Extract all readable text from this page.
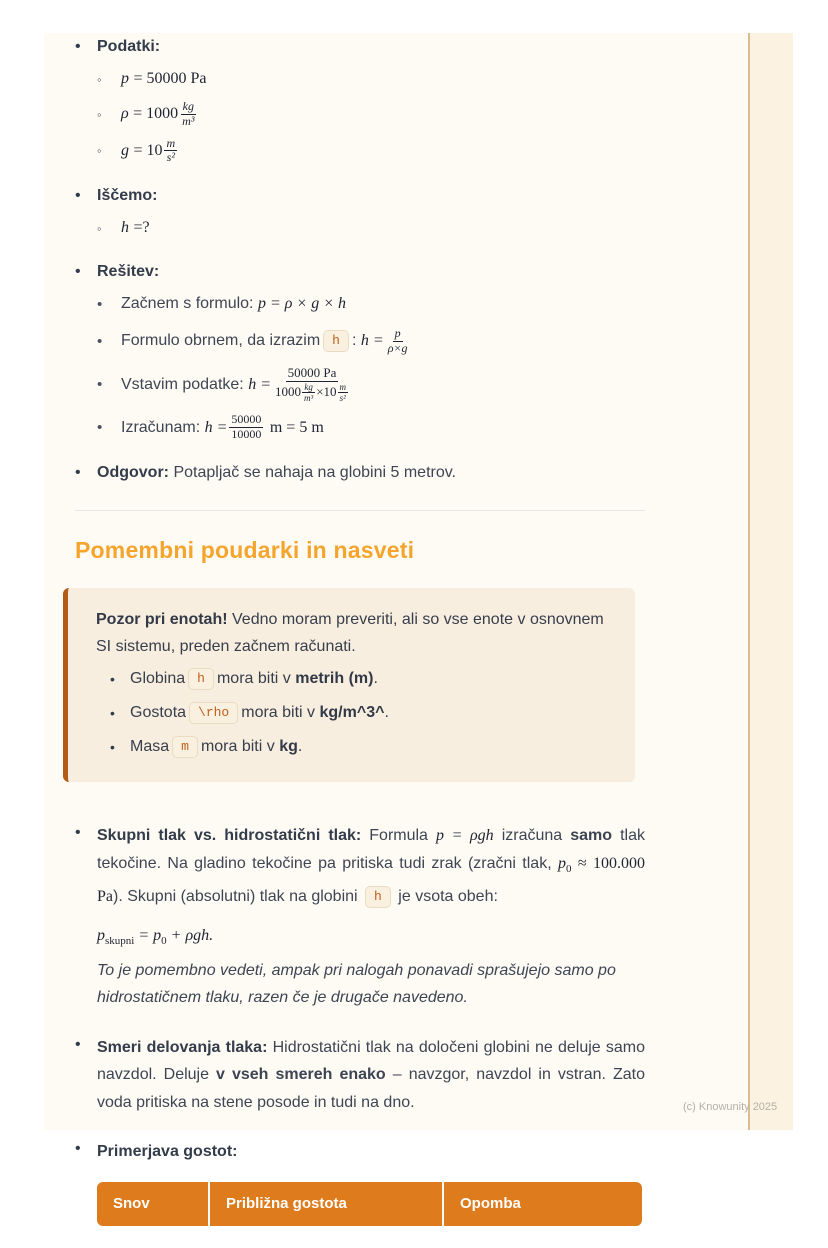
(c) Knowunity 2025
•	Podatki:
◦	p
= 50000 Pa
◦	ρ
= $1000 \frac{kg}{\text{m³}}$
◦	g
= $10 \frac{m}{\text{s²}}$
•	Iščemo:
◦	h
=?
•	Rešitev:
•	Začnem s formulo:
p = ρ × g × h
•	Formulo obrnem, da izrazim h :
$h = \frac{p}{\rho\times g}$
•	Vstavim podatke:
$h = \frac{50000 Pa}{1000 \frac{kg}{\text{m³}} \times 10 \frac{m}{\text{s²}}}$
•	Izračunam:
$h = \frac{50000}{10000}$
m = 5 m
•	Odgovor: Potapljač se nahaja na globini 5 metrov.
Pomembni poudarki in nasveti

Pozor pri enotah! Vedno moram preveriti, ali so vse enote v osnovnem SI sistemu, preden začnem računati.

• Globina h mora biti v
metrih (m) .
• Gostota \rho mora biti v
kg/m^3^ .
• Masa m mora biti v
kg .
•	Skupni tlak vs. hidrostatični tlak: Formula p = ρgh izračuna samo tlak tekočine. Na gladino tekočine pa pritiska tudi zrak (zračni tlak, $p_0 \approx 100.000$ Pa). Skupni (absolutni) tlak na globini h je vsota obeh:

$p_{skupni} = p_0 + \rho gh$.

To je pomembno vedeti, ampak pri nalogah ponavadi sprašujejo samo po hidrostatičnem tlaku, razen če je drugače navedeno.

•	Smeri delovanja tlaka: Hidrostatični tlak na določeni globini ne deluje samo navzdol. Deluje v vseh smereh enako – navzgor, navzdol in vstran. Zato voda pritiska na stene posode in tudi na dno.

•	Primerjava gostot:
Snov	Približna gostota	Opomba
